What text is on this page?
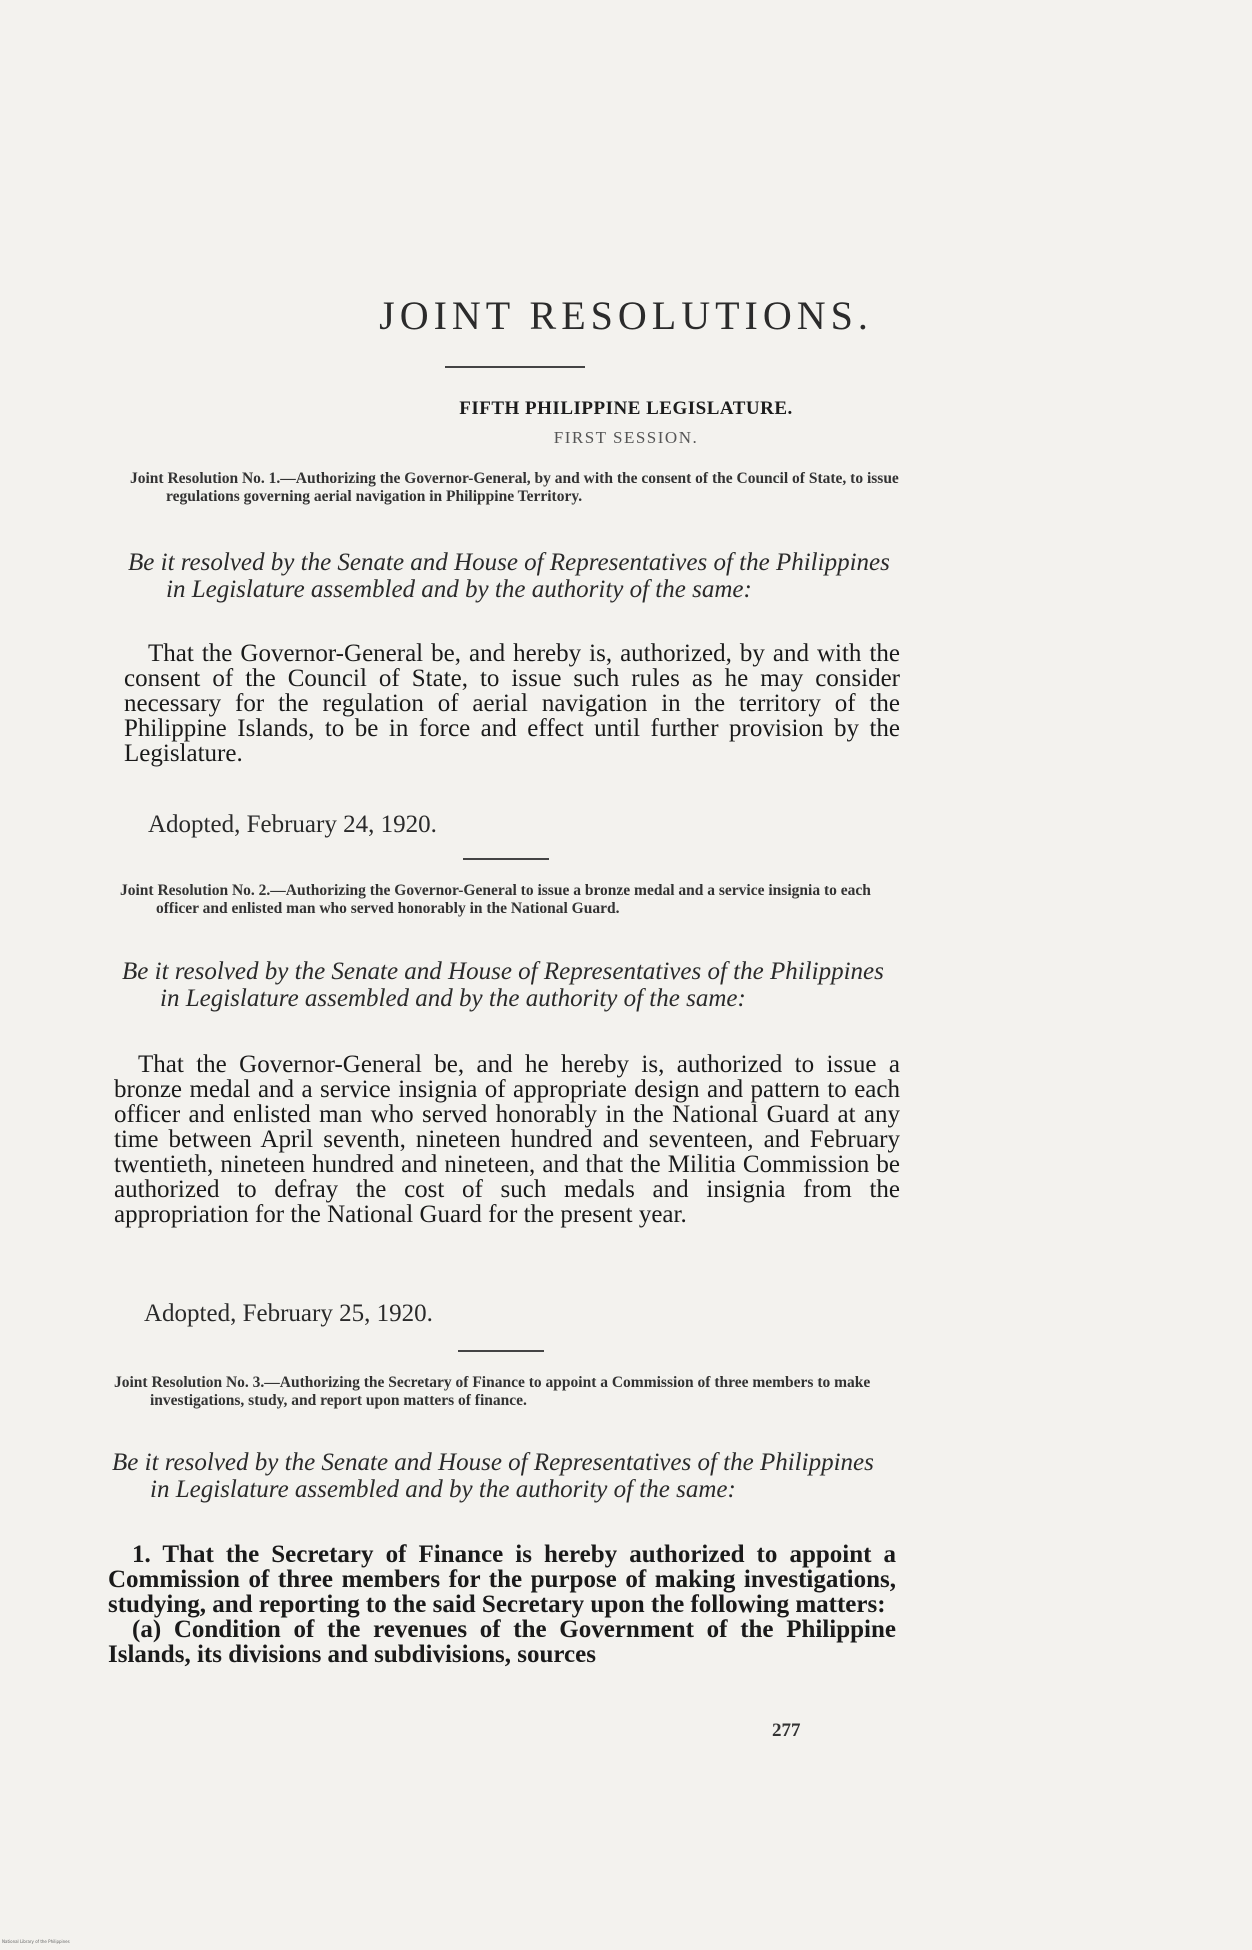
JOINT RESOLUTIONS.
FIFTH PHILIPPINE LEGISLATURE.
FIRST SESSION.

Joint Resolution No. 1.—Authorizing the Governor-General, by and with the consent of the Council of State, to issue regulations governing aerial navigation in Philippine Territory.

Be it resolved by the Senate and House of Representatives of the Philippines in Legislature assembled and by the authority of the same:

That the Governor-General be, and hereby is, authorized, by and with the consent of the Council of State, to issue such rules as he may consider necessary for the regulation of aerial navigation in the territory of the Philippine Islands, to be in force and effect until further provision by the Legislature.

Adopted, February 24, 1920.

Joint Resolution No. 2.—Authorizing the Governor-General to issue a bronze medal and a service insignia to each officer and enlisted man who served honorably in the National Guard.

Be it resolved by the Senate and House of Representatives of the Philippines in Legislature assembled and by the authority of the same:

That the Governor-General be, and he hereby is, authorized to issue a bronze medal and a service insignia of appropriate design and pattern to each officer and enlisted man who served honorably in the National Guard at any time between April seventh, nineteen hundred and seventeen, and February twentieth, nineteen hundred and nineteen, and that the Militia Commission be authorized to defray the cost of such medals and insignia from the appropriation for the National Guard for the present year.

Adopted, February 25, 1920.

Joint Resolution No. 3.—Authorizing the Secretary of Finance to appoint a Commission of three members to make investigations, study, and report upon matters of finance.

Be it resolved by the Senate and House of Representatives of the Philippines in Legislature assembled and by the authority of the same:

1. That the Secretary of Finance is hereby authorized to appoint a Commission of three members for the purpose of making investigations, studying, and reporting to the said Secretary upon the following matters:

(a) Condition of the revenues of the Government of the Philippine Islands, its divisions and subdivisions, sources

277
National Library of the Philippines
